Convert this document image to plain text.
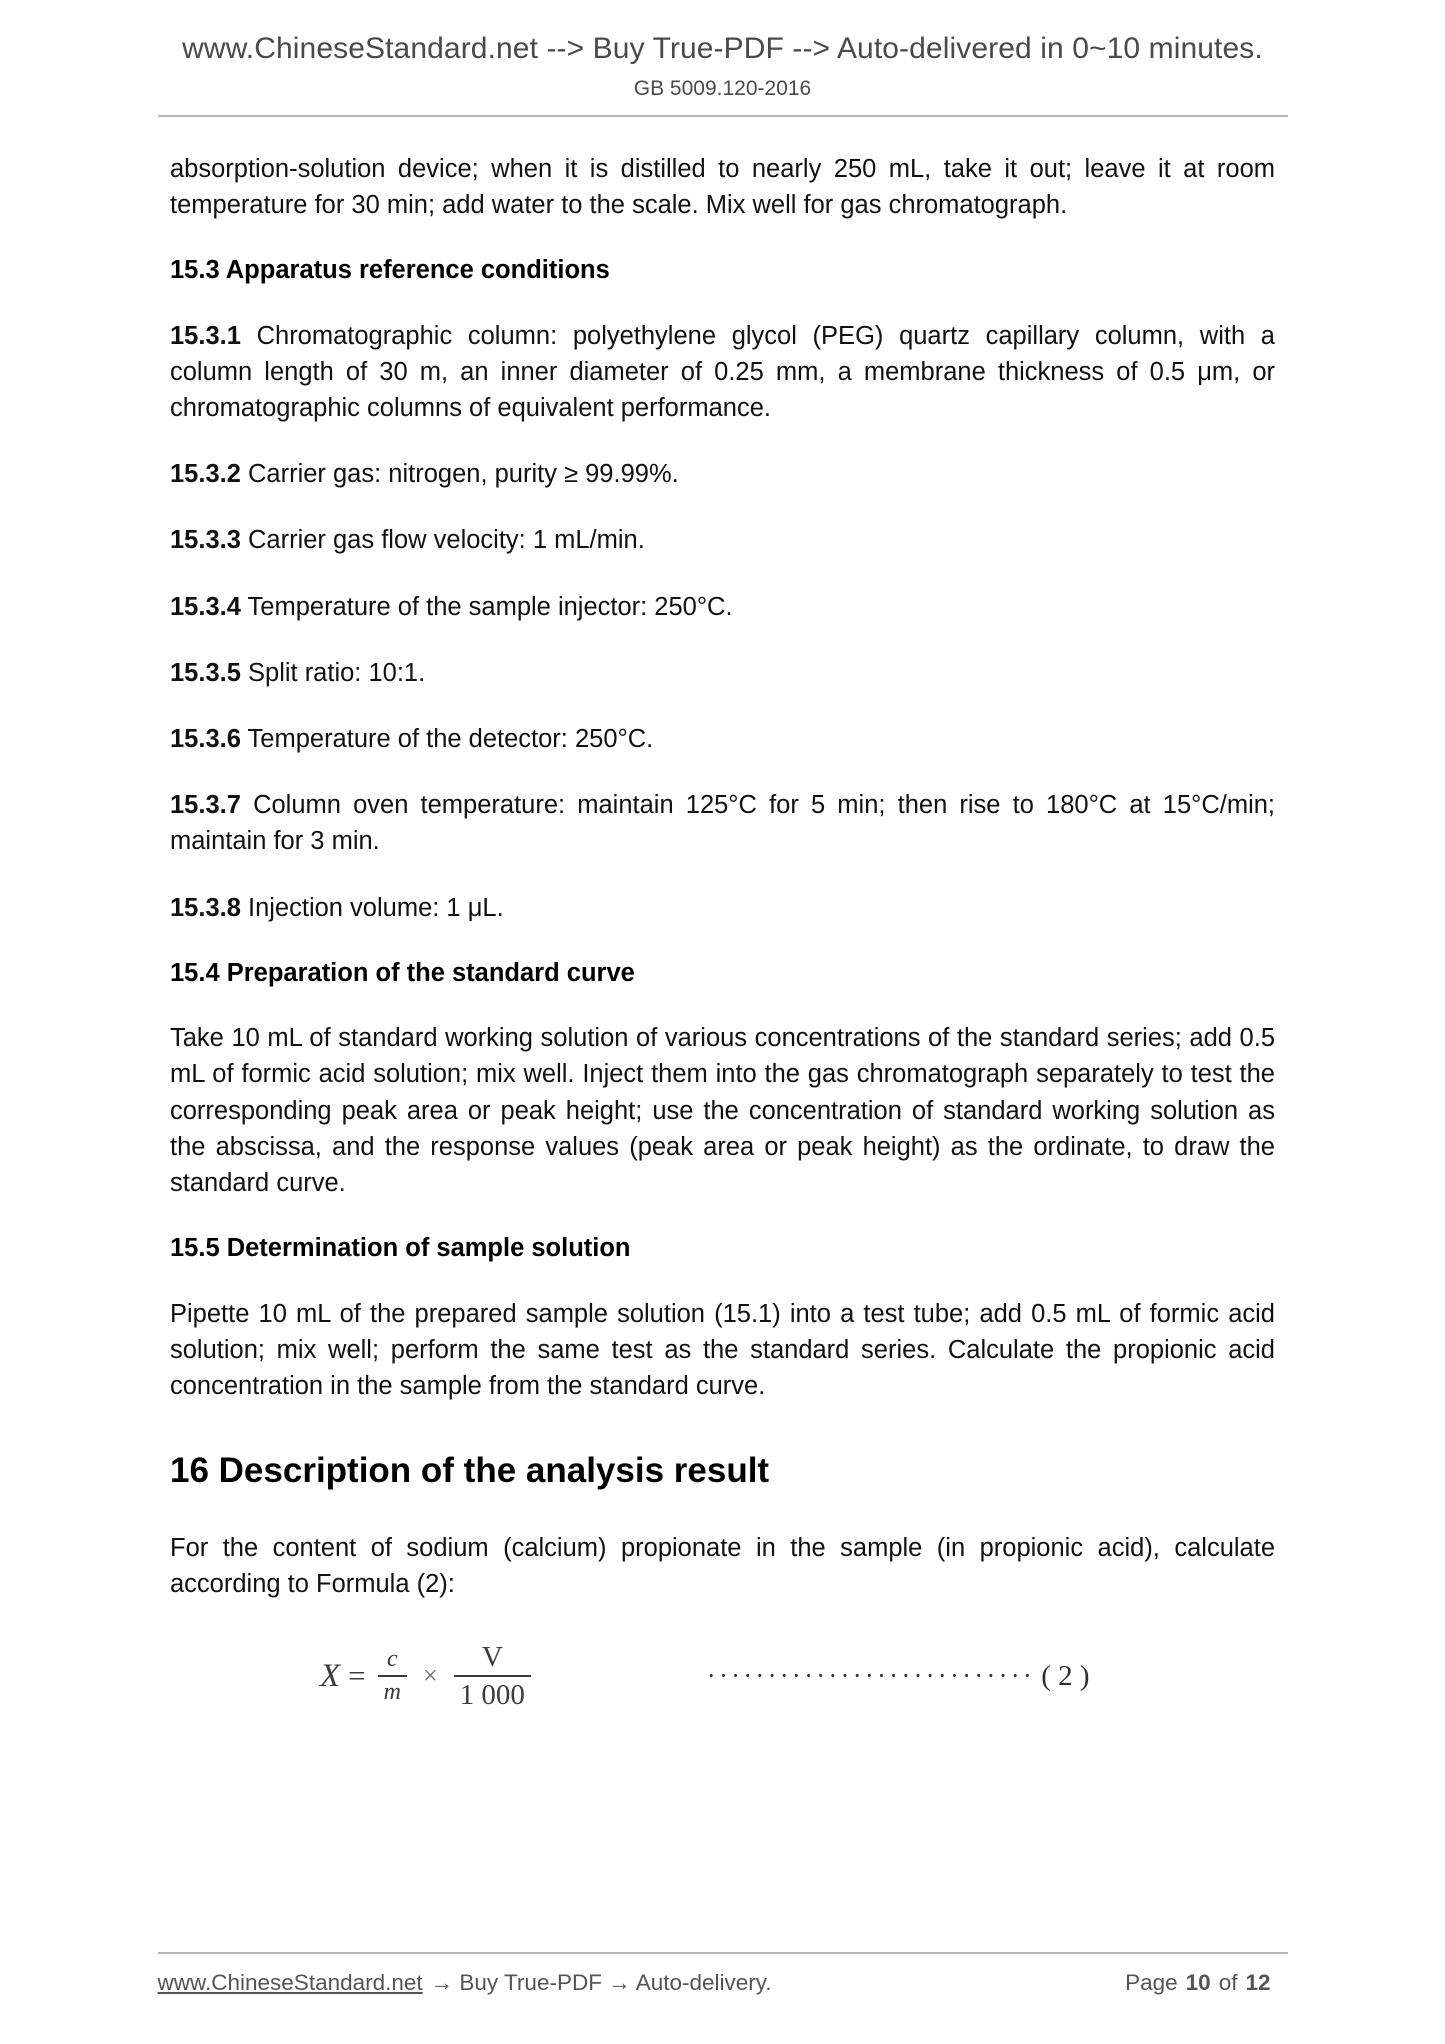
www.ChineseStandard.net --> Buy True-PDF --> Auto-delivered in 0~10 minutes.
GB 5009.120-2016

absorption-solution device; when it is distilled to nearly 250 mL, take it out; leave it at room temperature for 30 min; add water to the scale. Mix well for gas chromatograph.

15.3 Apparatus reference conditions

15.3.1 Chromatographic column: polyethylene glycol (PEG) quartz capillary column, with a column length of 30 m, an inner diameter of 0.25 mm, a membrane thickness of 0.5 μm, or chromatographic columns of equivalent performance.

15.3.2 Carrier gas: nitrogen, purity ≥ 99.99%.

15.3.3 Carrier gas flow velocity: 1 mL/min.

15.3.4 Temperature of the sample injector: 250°C.

15.3.5 Split ratio: 10:1.

15.3.6 Temperature of the detector: 250°C.

15.3.7 Column oven temperature: maintain 125°C for 5 min; then rise to 180°C at 15°C/min; maintain for 3 min.

15.3.8 Injection volume: 1 μL.

15.4 Preparation of the standard curve

Take 10 mL of standard working solution of various concentrations of the standard series; add 0.5 mL of formic acid solution; mix well. Inject them into the gas chromatograph separately to test the corresponding peak area or peak height; use the concentration of standard working solution as the abscissa, and the response values (peak area or peak height) as the ordinate, to draw the standard curve.

15.5 Determination of sample solution

Pipette 10 mL of the prepared sample solution (15.1) into a test tube; add 0.5 mL of formic acid solution; mix well; perform the same test as the standard series. Calculate the propionic acid concentration in the sample from the standard curve.

16 Description of the analysis result

For the content of sodium (calcium) propionate in the sample (in propionic acid), calculate according to Formula (2):

$X = \frac{c}{m} \times \frac{V}{1 000}$	··························· ( 2 )
www.ChineseStandard.net → Buy True-PDF → Auto-delivery.	Page 10 of 12
